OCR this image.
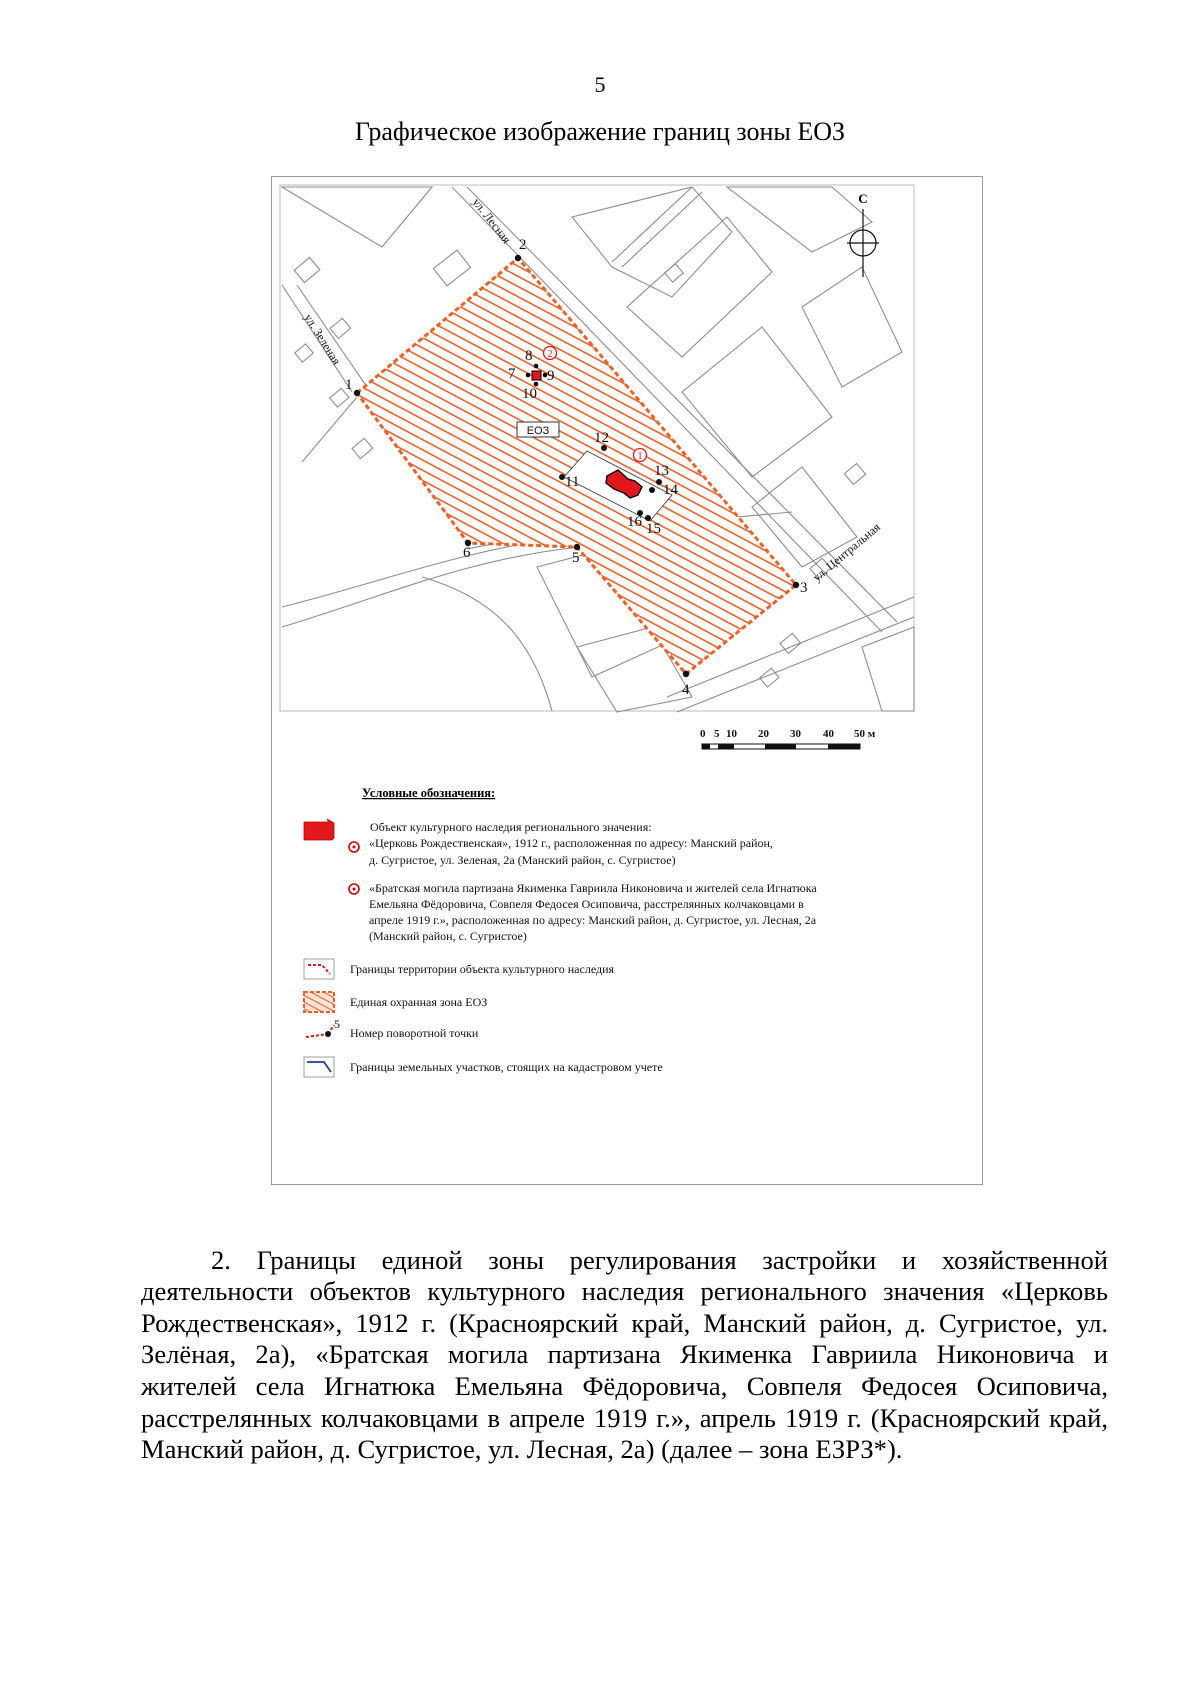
5
Графическое изображение границ зоны ЕОЗ
ЕОЗ
2
1
1
2
3
4
5
6
7
8
9
10
11
12
13
14
15
16
ул. Лесная
ул. Зеленая
ул. Центральная
С
0 5 10 20 30 40 50 м
Условные обозначения:
Объект культурного наследия регионального значения:
«Церковь Рождественская», 1912 г., расположенная по адресу: Манский район,
д. Сугристое, ул. Зеленая, 2а (Манский район, с. Сугристое)
«Братская могила партизана Якименка Гавриила Никоновича и жителей села Игнатюка
Емельяна Фёдоровича, Совпеля Федосея Осиповича, расстрелянных колчаковцами в
апреле 1919 г.», расположенная по адресу: Манский район, д. Сугристое, ул. Лесная, 2а
(Манский район, с. Сугристое)
Границы территории объекта культурного наследия
Единая охранная зона ЕОЗ
5
Номер поворотной точки
Границы земельных участков, стоящих на кадастровом учете

2. Границы единой зоны регулирования застройки и хозяйственной деятельности объектов культурного наследия регионального значения «Церковь Рождественская», 1912 г. (Красноярский край, Манский район, д. Сугристое, ул. Зелёная, 2а), «Братская могила партизана Якименка Гавриила Никоновича и жителей села Игнатюка Емельяна Фёдоровича, Совпеля Федосея Осиповича, расстрелянных колчаковцами в апреле 1919 г.», апрель 1919 г. (Красноярский край, Манский район, д. Сугристое, ул. Лесная, 2а) (далее – зона ЕЗРЗ*).
